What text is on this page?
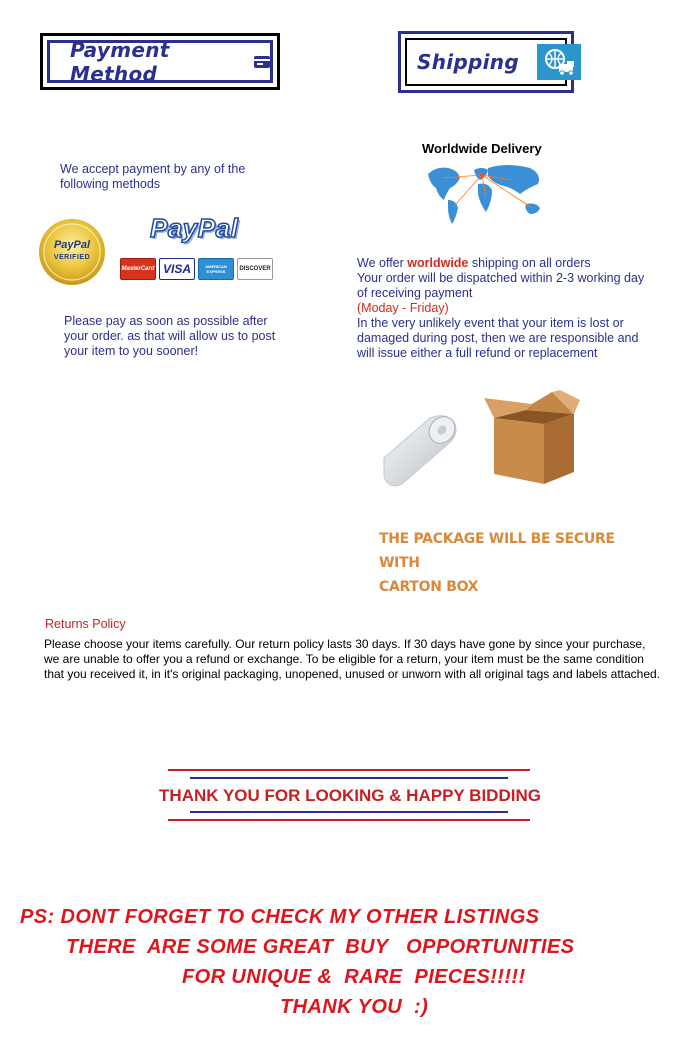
Payment Method	Shipping
We accept payment by any of the following methods
PayPal
VERIFIED
PayPal
MasterCard VISA	AMERICAN EXPRESS	DISCOVER
Please pay as soon as possible after your order. as that will allow us to post your item to you sooner!
Worldwide Delivery
We offer worldwide shipping on all orders
Your order will be dispatched within 2-3 working day of receiving payment
(Moday - Friday)
In the very unlikely event that your item is lost or damaged during post, then we are responsible and will issue either a full refund or replacement
THE PACKAGE WILL BE SECURE WITH
CARTON BOX
Returns Policy
Please choose your items carefully. Our return policy lasts 30 days. If 30 days have gone by since your purchase, we are unable to offer you a refund or exchange. To be eligible for a return, your item must be the same condition that you received it, in it's original packaging, unopened, unused or unworn with all original tags and labels attached.
THANK YOU FOR LOOKING & HAPPY BIDDING
PS: DONT FORGET TO CHECK MY OTHER LISTINGS
THERE  ARE SOME GREAT  BUY   OPPORTUNITIES
FOR UNIQUE &  RARE  PIECES!!!!!
THANK YOU  :)
